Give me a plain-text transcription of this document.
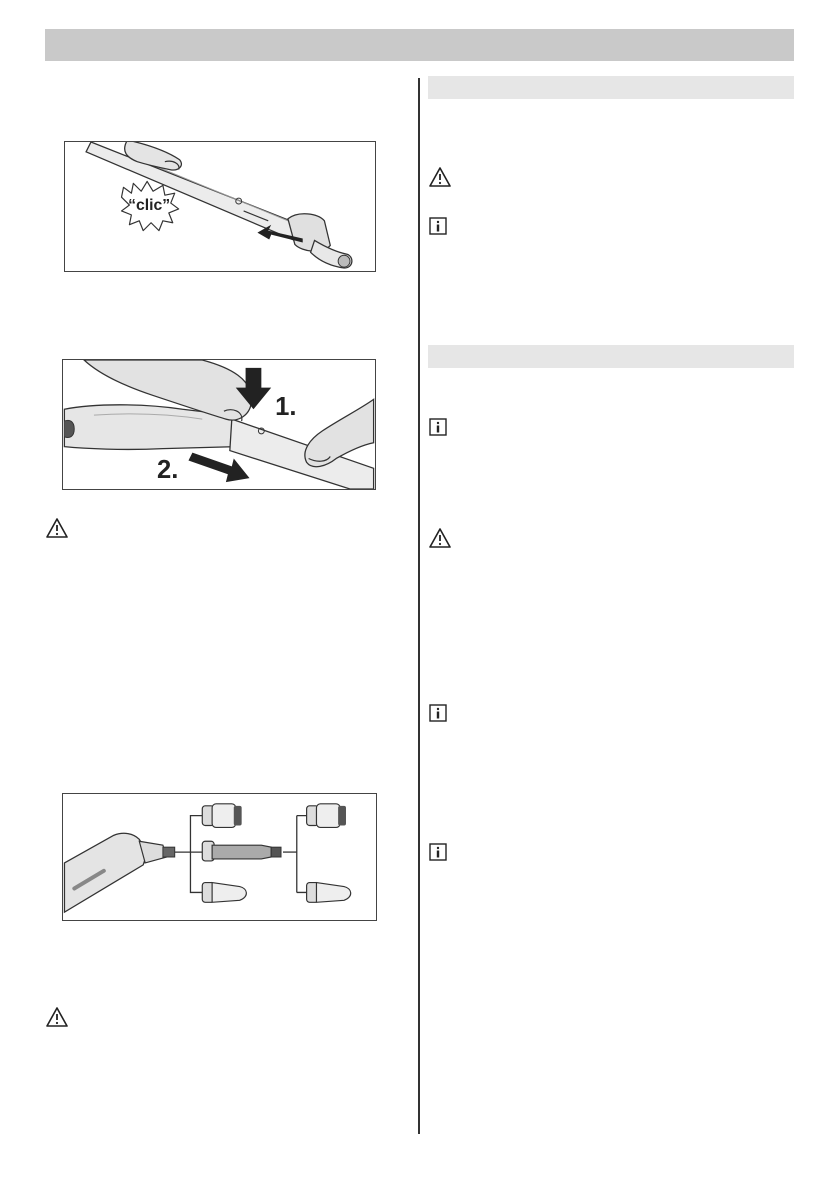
“clic”
1.
2.
